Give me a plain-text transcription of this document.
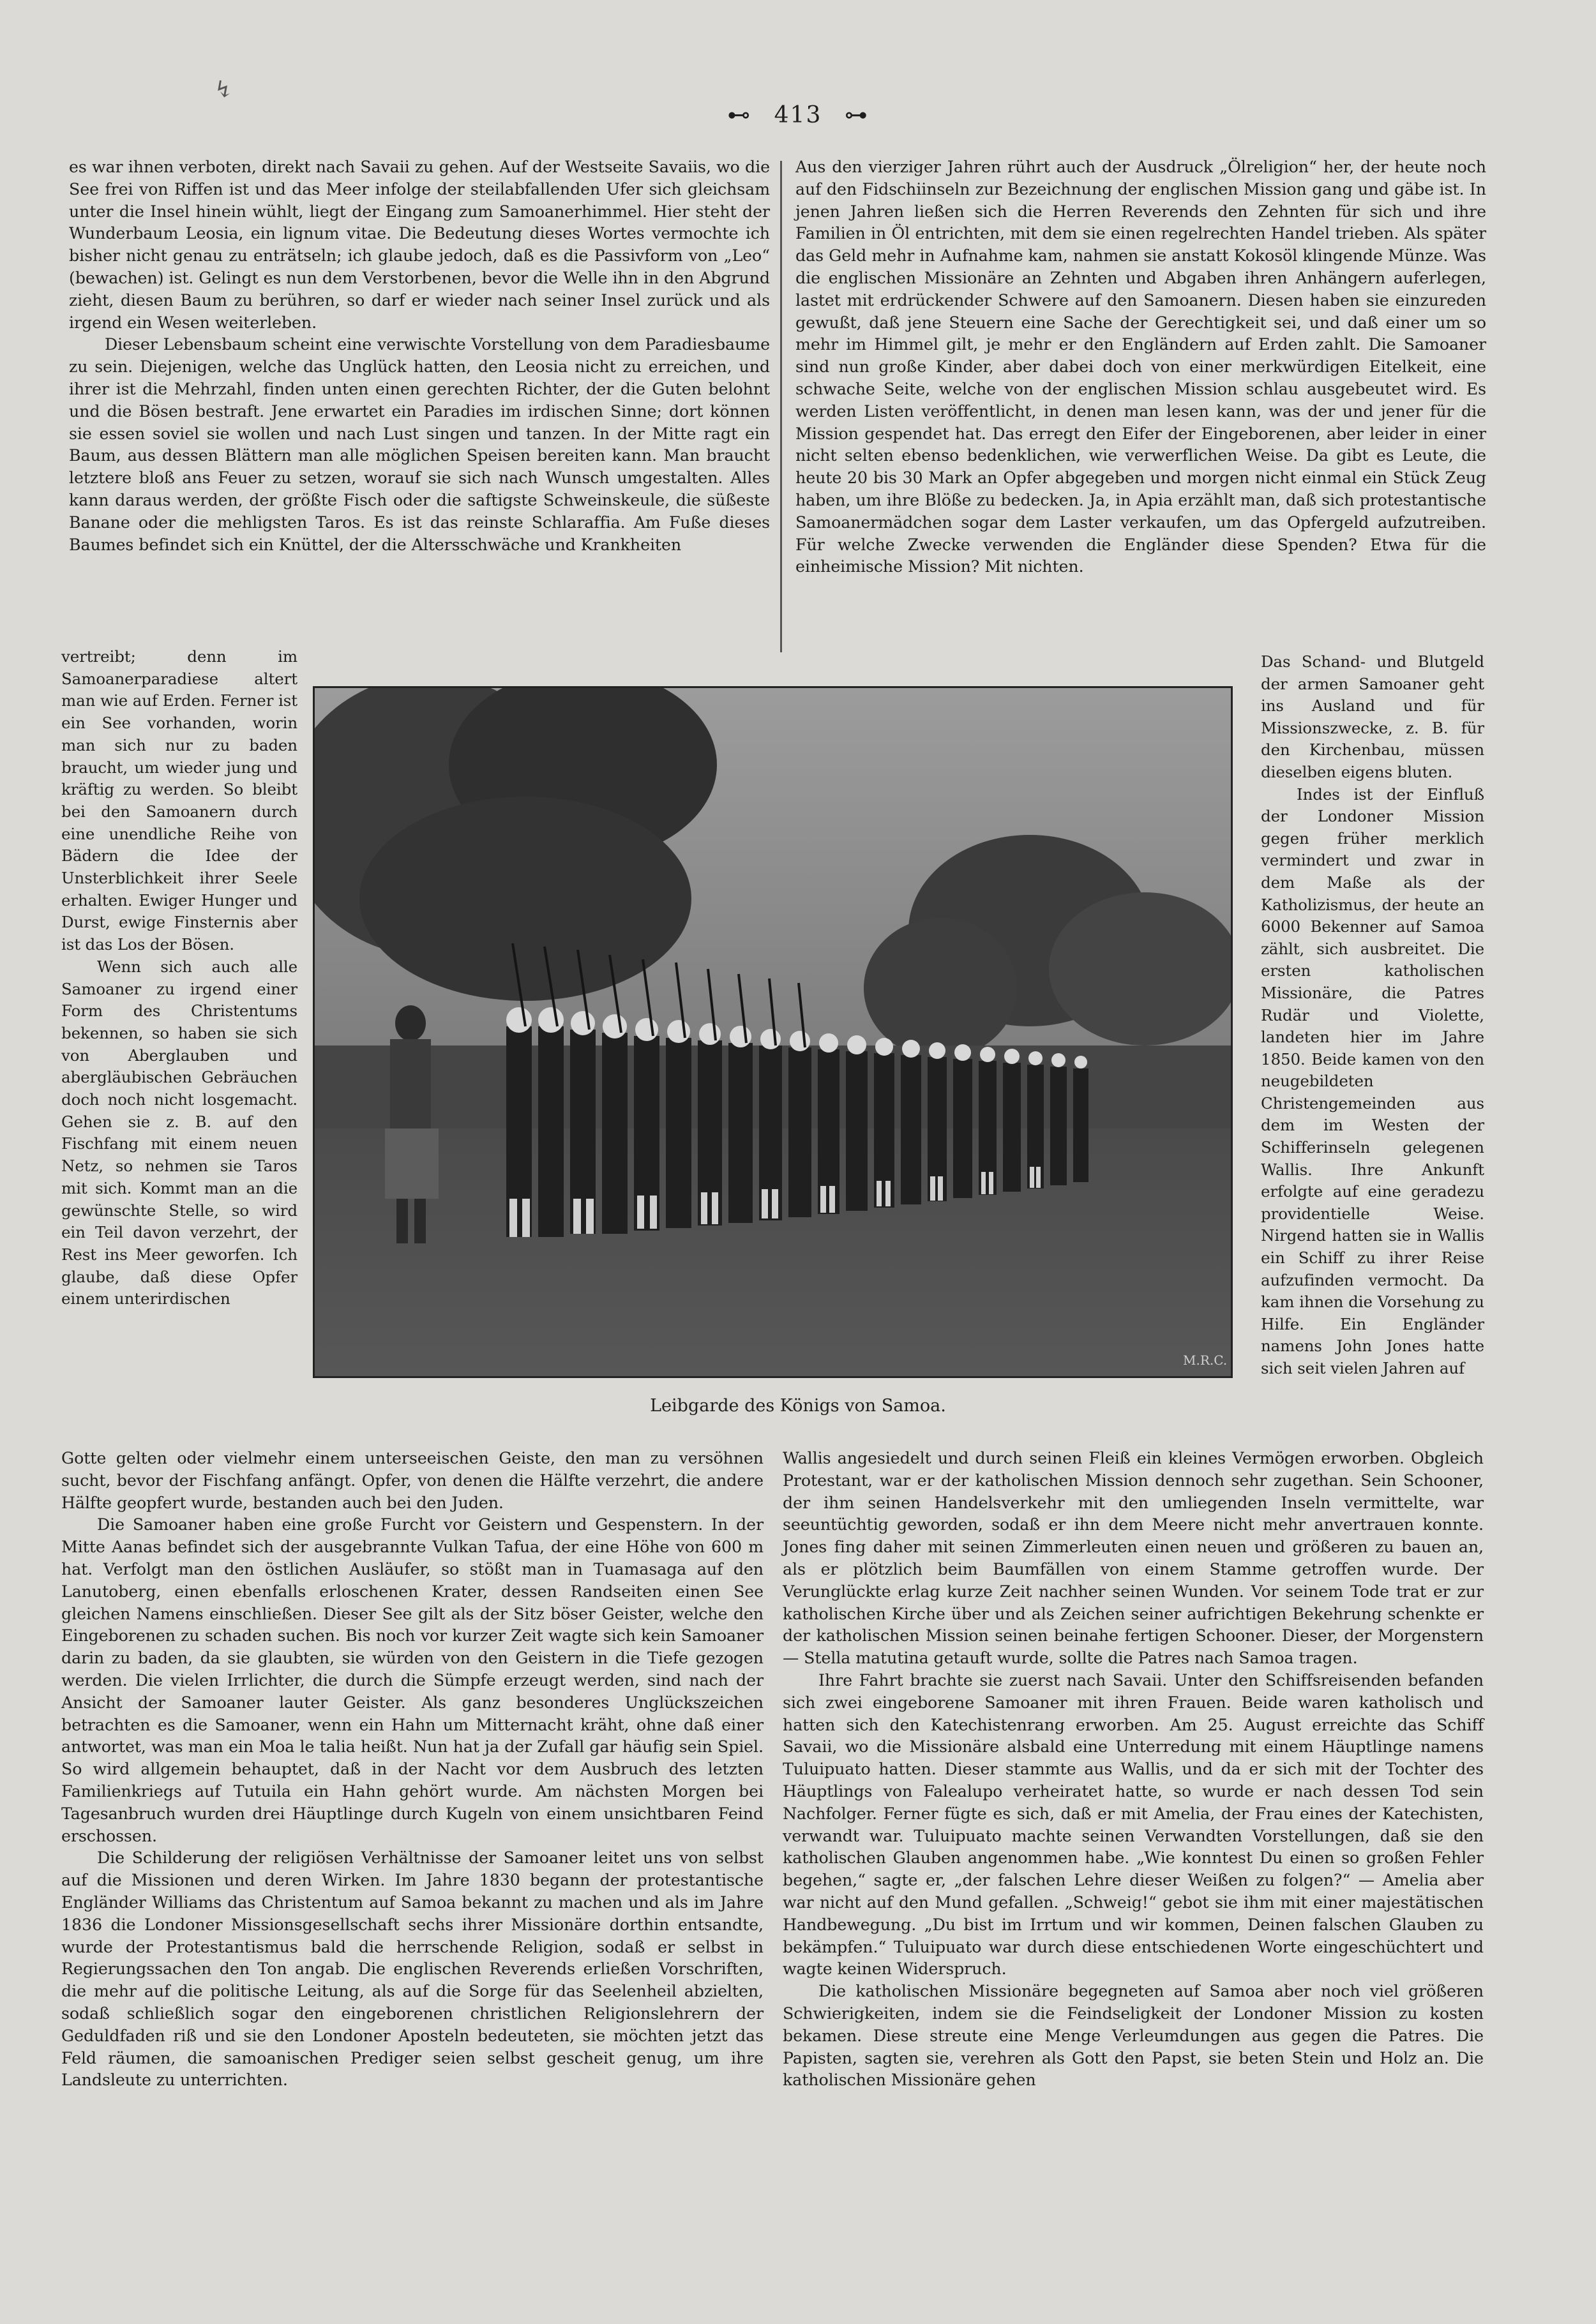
↯
⊷ 413 ⊶

es war ihnen verboten, direkt nach Savaii zu gehen. Auf der Westseite Savaiis, wo die See frei von Riffen ist und das Meer infolge der steilabfallenden Ufer sich gleichsam unter die Insel hinein wühlt, liegt der Eingang zum Samoanerhimmel. Hier steht der Wunderbaum Leosia, ein lignum vitae. Die Bedeutung dieses Wortes vermochte ich bisher nicht genau zu enträtseln; ich glaube jedoch, daß es die Passivform von „Leo“ (bewachen) ist. Gelingt es nun dem Verstorbenen, bevor die Welle ihn in den Abgrund zieht, diesen Baum zu berühren, so darf er wieder nach seiner Insel zurück und als irgend ein Wesen weiterleben.

Dieser Lebensbaum scheint eine verwischte Vorstellung von dem Paradiesbaume zu sein. Diejenigen, welche das Unglück hatten, den Leosia nicht zu erreichen, und ihrer ist die Mehrzahl, finden unten einen gerechten Richter, der die Guten belohnt und die Bösen bestraft. Jene erwartet ein Paradies im irdischen Sinne; dort können sie essen soviel sie wollen und nach Lust singen und tanzen. In der Mitte ragt ein Baum, aus dessen Blättern man alle möglichen Speisen bereiten kann. Man braucht letztere bloß ans Feuer zu setzen, worauf sie sich nach Wunsch umgestalten. Alles kann daraus werden, der größte Fisch oder die saftigste Schweinskeule, die süßeste Banane oder die mehligsten Taros. Es ist das reinste Schlaraffia. Am Fuße dieses Baumes befindet sich ein Knüttel, der die Altersschwäche und Krankheiten

Aus den vierziger Jahren rührt auch der Ausdruck „Ölreligion“ her, der heute noch auf den Fidschiinseln zur Bezeichnung der englischen Mission gang und gäbe ist. In jenen Jahren ließen sich die Herren Reverends den Zehnten für sich und ihre Familien in Öl entrichten, mit dem sie einen regelrechten Handel trieben. Als später das Geld mehr in Aufnahme kam, nahmen sie anstatt Kokosöl klingende Münze. Was die englischen Missionäre an Zehnten und Abgaben ihren Anhängern auferlegen, lastet mit erdrückender Schwere auf den Samoanern. Diesen haben sie einzureden gewußt, daß jene Steuern eine Sache der Gerechtigkeit sei, und daß einer um so mehr im Himmel gilt, je mehr er den Engländern auf Erden zahlt. Die Samoaner sind nun große Kinder, aber dabei doch von einer merkwürdigen Eitelkeit, eine schwache Seite, welche von der englischen Mission schlau ausgebeutet wird. Es werden Listen veröffentlicht, in denen man lesen kann, was der und jener für die Mission gespendet hat. Das erregt den Eifer der Eingeborenen, aber leider in einer nicht selten ebenso bedenklichen, wie verwerflichen Weise. Da gibt es Leute, die heute 20 bis 30 Mark an Opfer abgegeben und morgen nicht einmal ein Stück Zeug haben, um ihre Blöße zu bedecken. Ja, in Apia erzählt man, daß sich protestantische Samoanermädchen sogar dem Laster verkaufen, um das Opfergeld aufzutreiben. Für welche Zwecke verwenden die Engländer diese Spenden? Etwa für die einheimische Mission? Mit nichten.

vertreibt; denn im Samoanerparadiese altert man wie auf Erden. Ferner ist ein See vorhanden, worin man sich nur zu baden braucht, um wieder jung und kräftig zu werden. So bleibt bei den Samoanern durch eine unendliche Reihe von Bädern die Idee der Unsterblichkeit ihrer Seele erhalten. Ewiger Hunger und Durst, ewige Finsternis aber ist das Los der Bösen.

Wenn sich auch alle Samoaner zu irgend einer Form des Christentums bekennen, so haben sie sich von Aberglauben und abergläubischen Gebräuchen doch noch nicht losgemacht. Gehen sie z. B. auf den Fischfang mit einem neuen Netz, so nehmen sie Taros mit sich. Kommt man an die gewünschte Stelle, so wird ein Teil davon verzehrt, der Rest ins Meer geworfen. Ich glaube, daß diese Opfer einem unterirdischen

M.R.C.

Das Schand- und Blutgeld der armen Samoaner geht ins Ausland und für Missionszwecke, z. B. für den Kirchenbau, müssen dieselben eigens bluten.

Indes ist der Einfluß der Londoner Mission gegen früher merklich vermindert und zwar in dem Maße als der Katholizismus, der heute an 6000 Bekenner auf Samoa zählt, sich ausbreitet. Die ersten katholischen Missionäre, die Patres Rudär und Violette, landeten hier im Jahre 1850. Beide kamen von den neugebildeten Christengemeinden aus dem im Westen der Schifferinseln gelegenen Wallis. Ihre Ankunft erfolgte auf eine geradezu providentielle Weise. Nirgend hatten sie in Wallis ein Schiff zu ihrer Reise aufzufinden vermocht. Da kam ihnen die Vorsehung zu Hilfe. Ein Engländer namens John Jones hatte sich seit vielen Jahren auf

Leibgarde des Königs von Samoa.

Gotte gelten oder vielmehr einem unterseeischen Geiste, den man zu versöhnen sucht, bevor der Fischfang anfängt. Opfer, von denen die Hälfte verzehrt, die andere Hälfte geopfert wurde, bestanden auch bei den Juden.

Die Samoaner haben eine große Furcht vor Geistern und Gespenstern. In der Mitte Aanas befindet sich der ausgebrannte Vulkan Tafua, der eine Höhe von 600 m hat. Verfolgt man den östlichen Ausläufer, so stößt man in Tuamasaga auf den Lanutoberg, einen ebenfalls erloschenen Krater, dessen Randseiten einen See gleichen Namens einschließen. Dieser See gilt als der Sitz böser Geister, welche den Eingeborenen zu schaden suchen. Bis noch vor kurzer Zeit wagte sich kein Samoaner darin zu baden, da sie glaubten, sie würden von den Geistern in die Tiefe gezogen werden. Die vielen Irrlichter, die durch die Sümpfe erzeugt werden, sind nach der Ansicht der Samoaner lauter Geister. Als ganz besonderes Unglückszeichen betrachten es die Samoaner, wenn ein Hahn um Mitternacht kräht, ohne daß einer antwortet, was man ein Moa le talia heißt. Nun hat ja der Zufall gar häufig sein Spiel. So wird allgemein behauptet, daß in der Nacht vor dem Ausbruch des letzten Familienkriegs auf Tutuila ein Hahn gehört wurde. Am nächsten Morgen bei Tagesanbruch wurden drei Häuptlinge durch Kugeln von einem unsichtbaren Feind erschossen.

Die Schilderung der religiösen Verhältnisse der Samoaner leitet uns von selbst auf die Missionen und deren Wirken. Im Jahre 1830 begann der protestantische Engländer Williams das Christentum auf Samoa bekannt zu machen und als im Jahre 1836 die Londoner Missionsgesellschaft sechs ihrer Missionäre dorthin entsandte, wurde der Protestantismus bald die herrschende Religion, sodaß er selbst in Regierungssachen den Ton angab. Die englischen Reverends erließen Vorschriften, die mehr auf die politische Leitung, als auf die Sorge für das Seelenheil abzielten, sodaß schließlich sogar den eingeborenen christlichen Religionslehrern der Geduldfaden riß und sie den Londoner Aposteln bedeuteten, sie möchten jetzt das Feld räumen, die samoanischen Prediger seien selbst gescheit genug, um ihre Landsleute zu unterrichten.

Wallis angesiedelt und durch seinen Fleiß ein kleines Vermögen erworben. Obgleich Protestant, war er der katholischen Mission dennoch sehr zugethan. Sein Schooner, der ihm seinen Handelsverkehr mit den umliegenden Inseln vermittelte, war seeuntüchtig geworden, sodaß er ihn dem Meere nicht mehr anvertrauen konnte. Jones fing daher mit seinen Zimmerleuten einen neuen und größeren zu bauen an, als er plötzlich beim Baumfällen von einem Stamme getroffen wurde. Der Verunglückte erlag kurze Zeit nachher seinen Wunden. Vor seinem Tode trat er zur katholischen Kirche über und als Zeichen seiner aufrichtigen Bekehrung schenkte er der katholischen Mission seinen beinahe fertigen Schooner. Dieser, der Morgenstern — Stella matutina getauft wurde, sollte die Patres nach Samoa tragen.

Ihre Fahrt brachte sie zuerst nach Savaii. Unter den Schiffsreisenden befanden sich zwei eingeborene Samoaner mit ihren Frauen. Beide waren katholisch und hatten sich den Katechistenrang erworben. Am 25. August erreichte das Schiff Savaii, wo die Missionäre alsbald eine Unterredung mit einem Häuptlinge namens Tuluipuato hatten. Dieser stammte aus Wallis, und da er sich mit der Tochter des Häuptlings von Falealupo verheiratet hatte, so wurde er nach dessen Tod sein Nachfolger. Ferner fügte es sich, daß er mit Amelia, der Frau eines der Katechisten, verwandt war. Tuluipuato machte seinen Verwandten Vorstellungen, daß sie den katholischen Glauben angenommen habe. „Wie konntest Du einen so großen Fehler begehen,“ sagte er, „der falschen Lehre dieser Weißen zu folgen?“ — Amelia aber war nicht auf den Mund gefallen. „Schweig!“ gebot sie ihm mit einer majestätischen Handbewegung. „Du bist im Irrtum und wir kommen, Deinen falschen Glauben zu bekämpfen.“ Tuluipuato war durch diese entschiedenen Worte eingeschüchtert und wagte keinen Widerspruch.

Die katholischen Missionäre begegneten auf Samoa aber noch viel größeren Schwierigkeiten, indem sie die Feindseligkeit der Londoner Mission zu kosten bekamen. Diese streute eine Menge Verleumdungen aus gegen die Patres. Die Papisten, sagten sie, verehren als Gott den Papst, sie beten Stein und Holz an. Die katholischen Missionäre gehen
